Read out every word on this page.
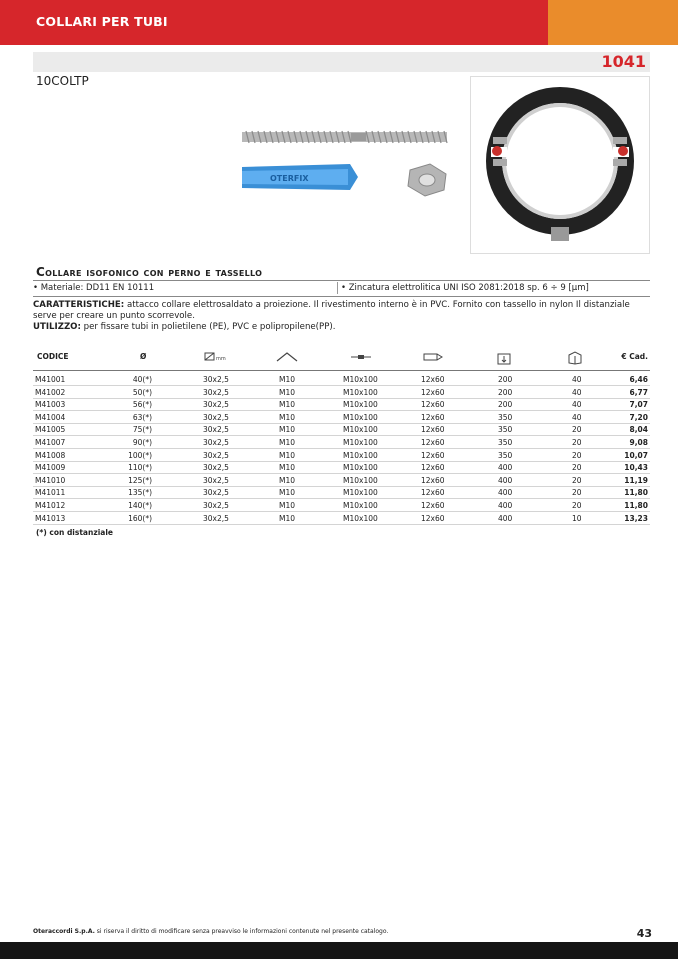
COLLARI PER TUBI
1041
10COLTP
OTERFIX
Collare isofonico con perno e tassello
• Materiale: DD11 EN 10111	• Zincatura elettrolitica UNI ISO 2081:2018 sp. 6 ÷ 9 [µm]
CARATTERISTICHE: attacco collare elettrosaldato a proiezione. Il rivestimento interno è in PVC. Fornito con tassello in nylon Il distanziale serve per creare un punto scorrevole.
UTILIZZO: per fissare tubi in polietilene (PE), PVC e polipropilene(PP).
CODICE	Ø	€ Cad.
mm
M41001	40(*)	30x2,5	M10	M10x100	12x60	200	40	6,46
M41002	50(*)	30x2,5	M10	M10x100	12x60	200	40	6,77
M41003	56(*)	30x2,5	M10	M10x100	12x60	200	40	7,07
M41004	63(*)	30x2,5	M10	M10x100	12x60	350	40	7,20
M41005	75(*)	30x2,5	M10	M10x100	12x60	350	20	8,04
M41007	90(*)	30x2,5	M10	M10x100	12x60	350	20	9,08
M41008	100(*)	30x2,5	M10	M10x100	12x60	350	20	10,07
M41009	110(*)	30x2,5	M10	M10x100	12x60	400	20	10,43
M41010	125(*)	30x2,5	M10	M10x100	12x60	400	20	11,19
M41011	135(*)	30x2,5	M10	M10x100	12x60	400	20	11,80
M41012	140(*)	30x2,5	M10	M10x100	12x60	400	20	11,80
M41013	160(*)	30x2,5	M10	M10x100	12x60	400	10	13,23
(*) con distanziale
Oteraccordi S.p.A. si riserva il diritto di modificare senza preavviso le informazioni contenute nel presente catalogo.	43
